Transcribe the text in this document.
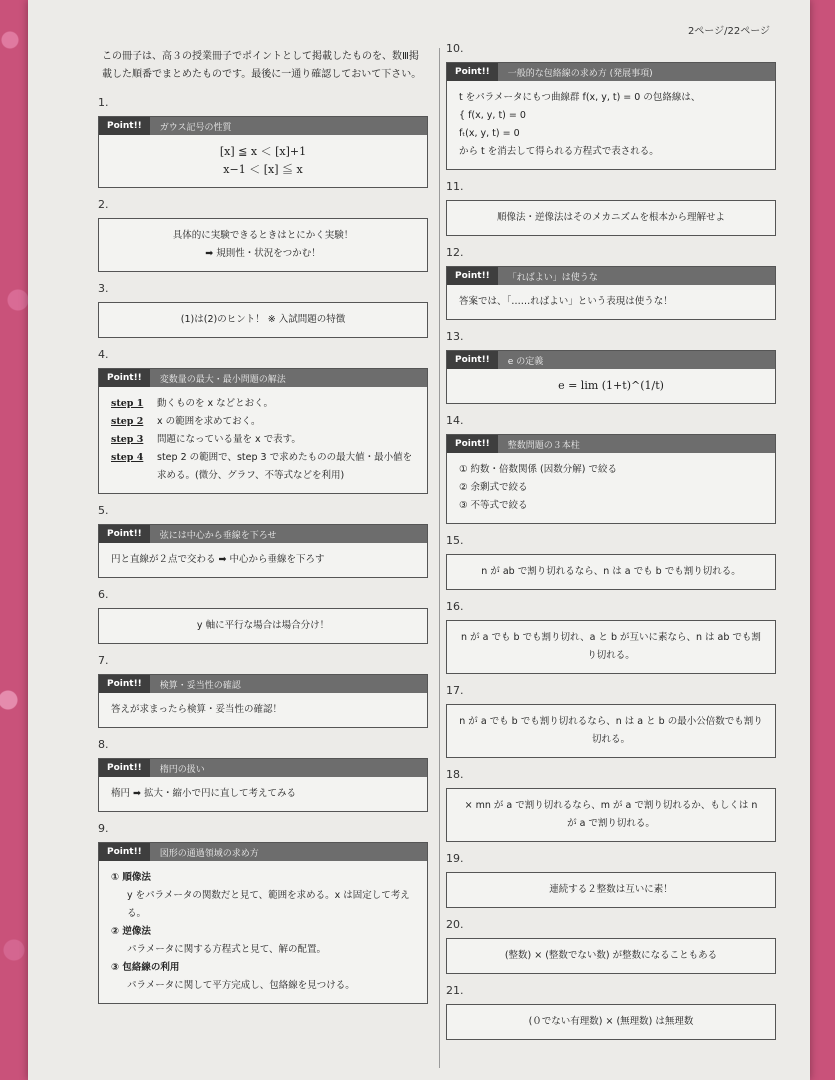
2ページ/22ページ
この冊子は、高３の授業冊子でポイントとして掲載したものを、数Ⅲ掲載した順番でまとめたものです。最後に一通り確認しておいて下さい。
1.
Point!!	ガウス記号の性質
[x] ≦ x ＜ [x]+1
x−1 ＜ [x] ≦ x
2.
具体的に実験できるときはとにかく実験！
➡ 規則性・状況をつかむ！
3.
(1)は(2)のヒント！ ※ 入試問題の特徴
4.
Point!!	変数量の最大・最小問題の解法
step 1	動くものを x などとおく。
step 2	x の範囲を求めておく。
step 3	問題になっている量を x で表す。
step 4	step 2 の範囲で、step 3 で求めたものの最大値・最小値を求める。(微分、グラフ、不等式などを利用)
5.
Point!!	弦には中心から垂線を下ろせ
円と直線が２点で交わる ➡ 中心から垂線を下ろす
6.
y 軸に平行な場合は場合分け！
7.
Point!!	検算・妥当性の確認
答えが求まったら検算・妥当性の確認！
8.
Point!!	楕円の扱い
楕円 ➡ 拡大・縮小で円に直して考えてみる
9.
Point!!	図形の通過領域の求め方
① 順像法
y をパラメータの関数だと見て、範囲を求める。x は固定して考える。
② 逆像法
パラメータに関する方程式と見て、解の配置。
③ 包絡線の利用
パラメータに関して平方完成し、包絡線を見つける。
10.
Point!!	一般的な包絡線の求め方 (発展事項)
t をパラメータにもつ曲線群 f(x, y, t) = 0 の包絡線は、
{ f(x, y, t) = 0
fₜ(x, y, t) = 0
から t を消去して得られる方程式で表される。
11.
順像法・逆像法はそのメカニズムを根本から理解せよ
12.
Point!!	「ればよい」は使うな
答案では、「……ればよい」という表現は使うな！
13.
Point!!	e の定義
e = lim (1+t)^(1/t)
14.
Point!!	整数問題の３本柱
① 約数・倍数関係 (因数分解) で絞る
② 余剰式で絞る
③ 不等式で絞る
15.
n が ab で割り切れるなら、n は a でも b でも割り切れる。
16.
n が a でも b でも割り切れ、a と b が互いに素なら、n は ab でも割り切れる。
17.
n が a でも b でも割り切れるなら、n は a と b の最小公倍数でも割り切れる。
18.
× mn が a で割り切れるなら、m が a で割り切れるか、もしくは n が a で割り切れる。
19.
連続する２整数は互いに素！
20.
(整数) × (整数でない数) が整数になることもある
21.
(０でない有理数) × (無理数) は無理数
